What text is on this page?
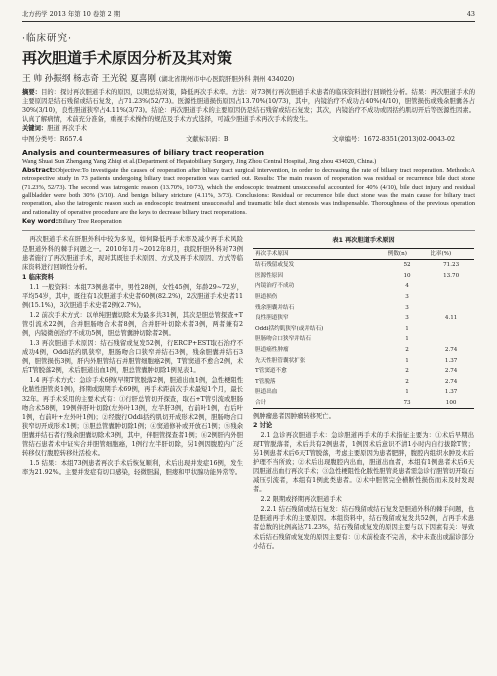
北方药学 2013 年第 10 卷第 2 期	43
·临床研究·
再次胆道手术原因分析及其对策
王 帅 孙振纲 杨志奇 王光锐 夏喜刚 (湖北省荆州市中心医院肝胆外科 荆州 434020)
摘要：目的：探讨再次胆道手术的原因，以期总结对策，降低再次手术率。方法：对73例行再次胆道手术患者的临床资料进行回顾性分析。结果：再次胆道手术的主要原因是结石残留或结石复发，占71.23%(52/73)。医源性胆道损伤原因占13.70%(10/73)，其中，内镜治疗不成功占40%(4/10)，胆管损伤或残余胆囊各占30%(3/10)，良性胆道狭窄占4.11%(3/73)。结论：再次胆道手术的主要原因仍是结石残留或结石复发；其次，内镜治疗不成功或因括约肌切开后等医源性因素。认真了解病情，术前充分准备，重视手术操作的规范及手术方式选择，可减少胆道手术再次手术的发生。
关键词：胆道 再次手术
中图分类号：R657.4	文献标识码：B	文章编号：1672-8351(2013)02-0043-02
Analysis and countermeasures of biliary tract reoperation
Wang Shuai Sun Zhengang Yang Zhiqi et al.(Department of Hepatobiliary Surgery, Jing Zhou Central Hospital, Jing zhou 434020, China.)
Abstract:Objective:To investigate the causes of reoperation after biliary tract surgical intervention, in order to decreasing the rate of biliary tract reoperation. Methods:A retrospective study in 73 patients undergoing biliary tract reoperation was carried out. Results: The main reason of reoperation was residual or recurrence bile duct stone (71.23%, 52/73). The second was iatrogenic reason (13.70%, 10/73), which the endoscopic treatment unsuccessful accounted for 40% (4/10), bile duct injury and residual gallbladder were both 30% (3/10). And benign biliary stricture (4.11%, 3/73). Conclusions: Residual or recurrence bile duct stone was the main cause for biliary tract reoperation, also the iatrogenic reason such as endoscopic treatment unsuccessful and traumatic bile duct stenosis was indispensable. Thoroughness of the previous operation and rationality of operative procedure are the keys to decrease biliary tract reoperations.
Key word:Biliary Tree Reoperation

再次胆道手术在肝胆外科中较为多见，如何降低再手术率及减少再手术风险是胆道外科的棘手问题之一。2010年1月~2012年8月，我院肝胆外科对73例患者施行了再次胆道手术，现对其既往手术原因、方式及再手术原因、方式等临床资料进行回顾性分析。

1 临床资料

1.1 一般资料：本组73例患者中，男性28例，女性45例，年龄29~72岁，平均54岁，其中，既往有1次胆道手术史者60例(82.2%)，2次胆道手术史者11例(15.1%)，3次胆道手术史者2例(2.7%)。

1.2 前次手术方式：以单纯胆囊切除术为最多共31例，其次是胆总管探查+T管引流术22例，合并胆肠吻合术者8例，合并肝叶切除术者3例，两者兼有2例，内镜微创治疗不成功5例，胆总管囊肿切除者2例。

1.3 再次胆道手术原因：结石残留或复发52例，行ERCP+EST取石治疗不成功4例，Oddi括约肌狭窄，胆肠吻合口狭窄并结石3例，残余胆囊并结石3例，胆管损伤3例，肝内外胆管结石并胆管细胞癌2例，T管窦道不愈合2例，术后T管脱落2例，术后胆道出血1例，胆总管囊肿切除1例见表1。

1.4 再手术方式：急诊手术6例(早期T管脱落2例，胆道出血1例，急性梗阻性化脓性胆管炎1例)，择期或限期手术69例，再手术距前次手术最短1个月，最长32年。再手术采用的主要术式有：①行肝总管切开探查，取石+T管引流或胆肠吻合术58例，19例伴肝叶切除(左外叶13例，左半肝3例，右前叶1例，右后叶1例，右前叶+左外叶1例)；②经腹行Oddi括约肌切开成形术2例，胆肠吻合口狭窄切开成形术1例；③胆总管囊肿切除1例；④窦道修补或开放石1例；⑤残余胆囊并结石者行残余胆囊切除术3例，其中，伴胆管探查者1例；⑥2例肝内外胆管结石患者术中证实合并胆管细胞癌，1例行左半肝切除，另1例因腹腔内广泛转移仅行腹腔转移灶活检术。

1.5 结果：本组73例患者再次手术后恢复顺利，术后出现并发症16例，发生率为21.92%。主要并发症有切口感染，轻微胆漏，胆瘘和甲状腺功能异常等。

表1 再次胆道手术原因
再次手术原因	例数(n)	比率(%)
结石残留或复发	52	71.23
医源性原因	10	13.70
内镜治疗不成功	4	
胆道损伤	3	
残余胆囊并结石	3	
良性胆道狭窄	3	4.11
Oddi括约肌狭窄(或并结石)	1	
胆肠吻合口狭窄并结石	1	
胆道癌性肿瘤	2	2.74
先天性胆管囊状扩张	1	1.37
T管窦道不愈	2	2.74
T管脱落	2	2.74
胆道出血	1	1.37
合计	73	100
例肿瘤患者因肿瘤转移死亡。

2 讨论

2.1 急诊再次胆道手术：急诊胆道再手术的手术指征主要为：①术后早期出现T管脱落者，术后共有2例患者，1例因术后意识不清1小时内自行拔除T管；另1例患者术后6天T管脱落，考虑主要原因为患者肥胖，腹腔内组织水肿及术后护理不当所致；②术后出现腹腔内出血，胆道出血者，本组有1例患者术后6天因胆道出血行再次手术；③急性梗阻性化脓性胆管炎患者需急诊行胆管切开取石减压引流者，本组有1例此类患者。②术中胆管完全横断性损伤而未及时发现者。

2.2 限期或择期再次胆道手术

2.2.1 结石残留或结石复发：结石残留或结石复发是胆道外科的棘手问题，也是胆道再手术的主要原因。本组资料中，结石残留或复发共52例，占再手术患者总数的比例高达71.23%，结石残留或复发的原因主要与以下因素有关：导致术后结石残留或复发的原因主要有：①术前检查不完善，术中未查出或漏诊部分小结石。
